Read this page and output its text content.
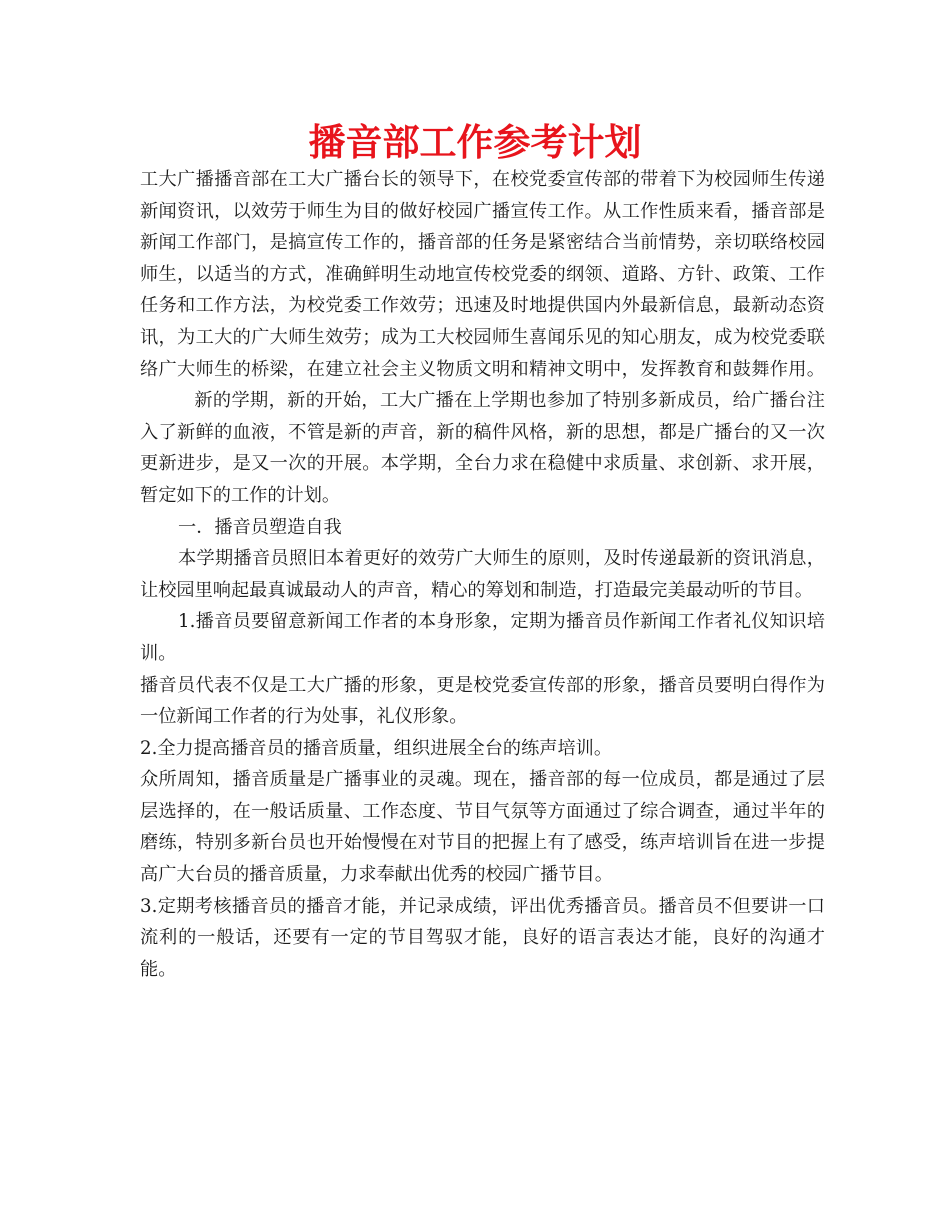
播音部工作参考计划

工大广播播音部在工大广播台长的领导下，在校党委宣传部的带着下为校园师生传递新闻资讯，以效劳于师生为目的做好校园广播宣传工作。从工作性质来看，播音部是新闻工作部门，是搞宣传工作的，播音部的任务是紧密结合当前情势，亲切联络校园师生，以适当的方式，准确鲜明生动地宣传校党委的纲领、道路、方针、政策、工作任务和工作方法，为校党委工作效劳；迅速及时地提供国内外最新信息，最新动态资讯，为工大的广大师生效劳；成为工大校园师生喜闻乐见的知心朋友，成为校党委联络广大师生的桥梁，在建立社会主义物质文明和精神文明中，发挥教育和鼓舞作用。新的学期，新的开始，工大广播在上学期也参加了特别多新成员，给广播台注入了新鲜的血液，不管是新的声音，新的稿件风格，新的思想，都是广播台的又一次更新进步，是又一次的开展。本学期，全台力求在稳健中求质量、求创新、求开展，暂定如下的工作的计划。

一．播音员塑造自我

本学期播音员照旧本着更好的效劳广大师生的原则，及时传递最新的资讯消息，让校园里响起最真诚最动人的声音，精心的筹划和制造，打造最完美最动听的节目。

1.播音员要留意新闻工作者的本身形象，定期为播音员作新闻工作者礼仪知识培训。

播音员代表不仅是工大广播的形象，更是校党委宣传部的形象，播音员要明白得作为一位新闻工作者的行为处事，礼仪形象。

2.全力提高播音员的播音质量，组织进展全台的练声培训。

众所周知，播音质量是广播事业的灵魂。现在，播音部的每一位成员，都是通过了层层选择的，在一般话质量、工作态度、节目气氛等方面通过了综合调查，通过半年的磨练，特别多新台员也开始慢慢在对节目的把握上有了感受，练声培训旨在进一步提高广大台员的播音质量，力求奉献出优秀的校园广播节目。

3.定期考核播音员的播音才能，并记录成绩，评出优秀播音员。播音员不但要讲一口流利的一般话，还要有一定的节目驾驭才能，良好的语言表达才能，良好的沟通才能。
